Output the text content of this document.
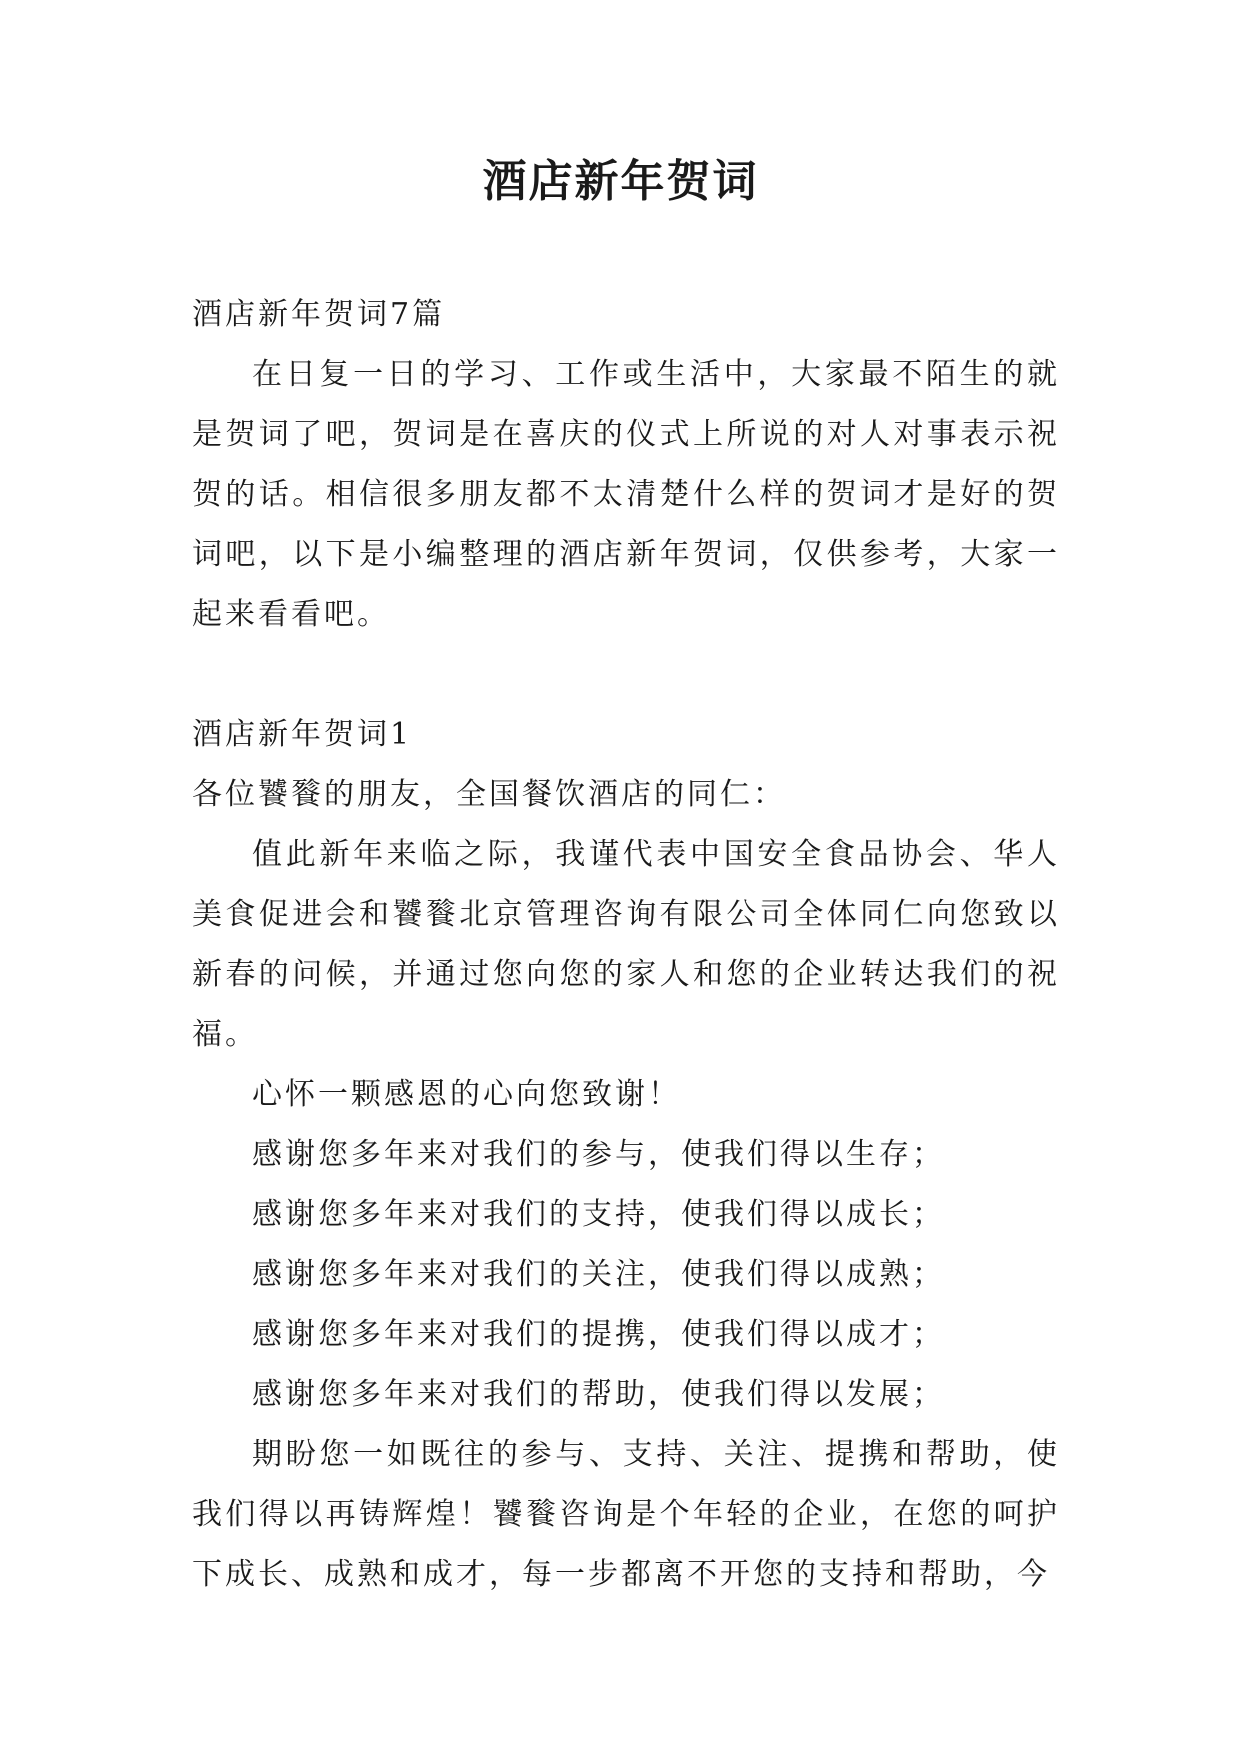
酒店新年贺词

酒店新年贺词7篇

在日复一日的学习、工作或生活中，大家最不陌生的就是贺词了吧，贺词是在喜庆的仪式上所说的对人对事表示祝贺的话。相信很多朋友都不太清楚什么样的贺词才是好的贺词吧，以下是小编整理的酒店新年贺词，仅供参考，大家一起来看看吧。

酒店新年贺词1

各位饕餮的朋友，全国餐饮酒店的同仁：

值此新年来临之际，我谨代表中国安全食品协会、华人美食促进会和饕餮北京管理咨询有限公司全体同仁向您致以新春的问候，并通过您向您的家人和您的企业转达我们的祝福。

心怀一颗感恩的心向您致谢！

感谢您多年来对我们的参与，使我们得以生存；

感谢您多年来对我们的支持，使我们得以成长；

感谢您多年来对我们的关注，使我们得以成熟；

感谢您多年来对我们的提携，使我们得以成才；

感谢您多年来对我们的帮助，使我们得以发展；

期盼您一如既往的参与、支持、关注、提携和帮助，使我们得以再铸辉煌！饕餮咨询是个年轻的企业，在您的呵护下成长、成熟和成才，每一步都离不开您的支持和帮助，今
